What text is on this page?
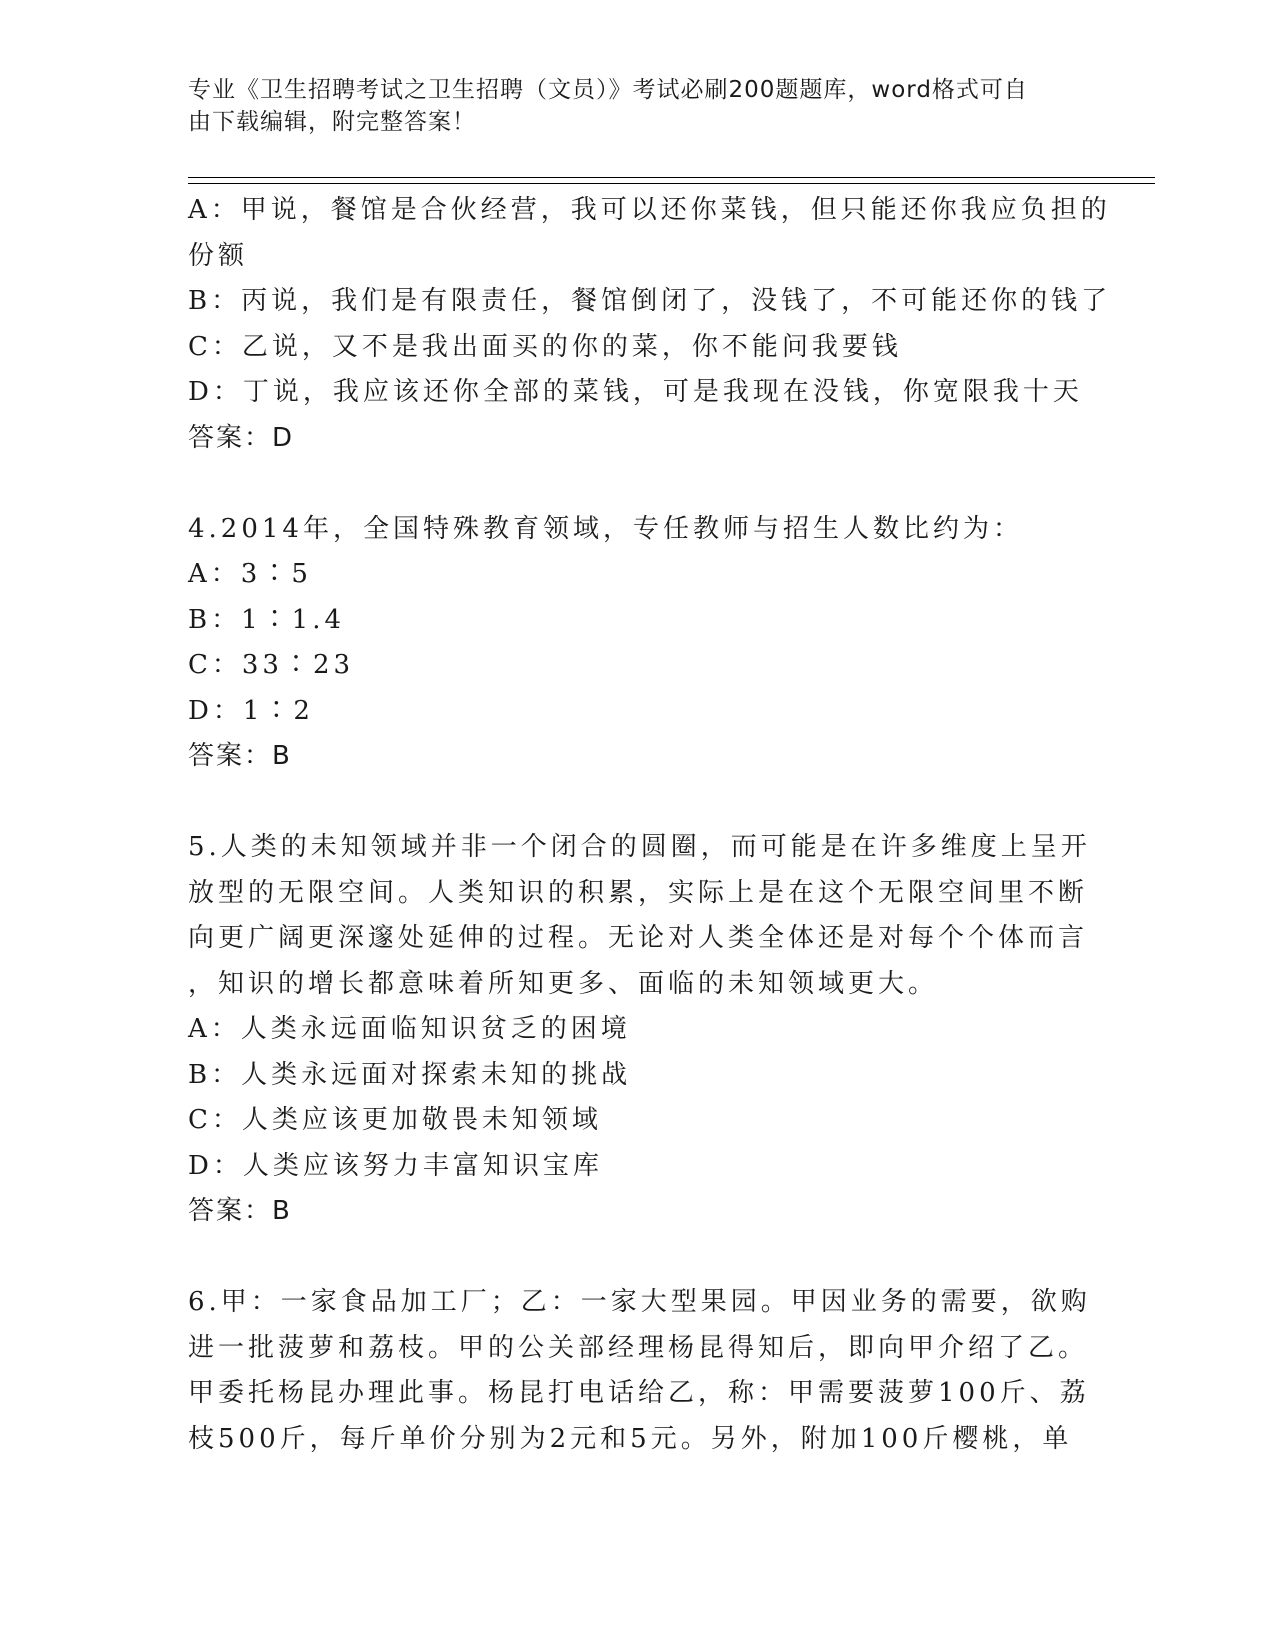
专业《卫生招聘考试之卫生招聘（文员）》考试必刷200题题库，word格式可自
由下载编辑，附完整答案！
A：甲说，餐馆是合伙经营，我可以还你菜钱，但只能还你我应负担的
份额
B：丙说，我们是有限责任，餐馆倒闭了，没钱了，不可能还你的钱了
C：乙说，又不是我出面买的你的菜，你不能问我要钱
D：丁说，我应该还你全部的菜钱，可是我现在没钱，你宽限我十天
答案：D
4.2014年，全国特殊教育领域，专任教师与招生人数比约为：
A：3∶5
B：1∶1.4
C：33∶23
D：1∶2
答案：B
5.人类的未知领域并非一个闭合的圆圈，而可能是在许多维度上呈开
放型的无限空间。人类知识的积累，实际上是在这个无限空间里不断
向更广阔更深邃处延伸的过程。无论对人类全体还是对每个个体而言
，知识的增长都意味着所知更多、面临的未知领域更大。
A：人类永远面临知识贫乏的困境
B：人类永远面对探索未知的挑战
C：人类应该更加敬畏未知领域
D：人类应该努力丰富知识宝库
答案：B
6.甲：一家食品加工厂；乙：一家大型果园。甲因业务的需要，欲购
进一批菠萝和荔枝。甲的公关部经理杨昆得知后，即向甲介绍了乙。
甲委托杨昆办理此事。杨昆打电话给乙，称：甲需要菠萝100斤、荔
枝500斤，每斤单价分别为2元和5元。另外，附加100斤樱桃，单
